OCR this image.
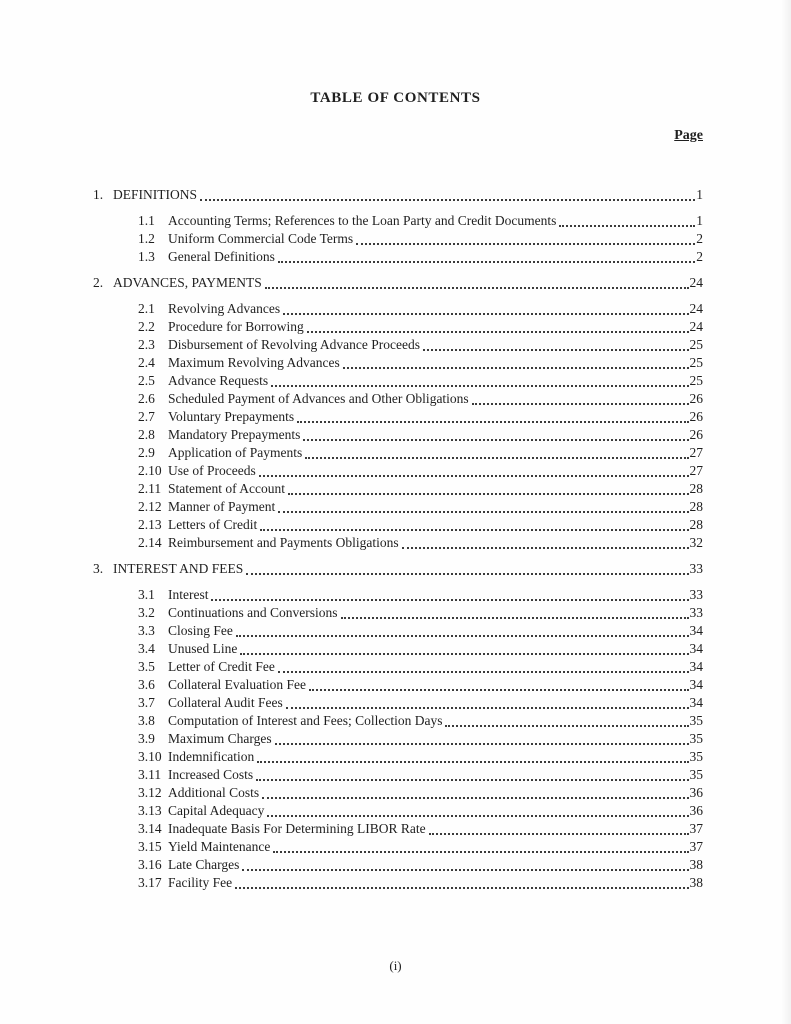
TABLE OF CONTENTS
Page
1. DEFINITIONS	1
1.1 Accounting Terms; References to the Loan Party and Credit Documents	1
1.2 Uniform Commercial Code Terms	2
1.3 General Definitions	2
2. ADVANCES, PAYMENTS	24
2.1 Revolving Advances	24
2.2 Procedure for Borrowing	24
2.3 Disbursement of Revolving Advance Proceeds	25
2.4 Maximum Revolving Advances	25
2.5 Advance Requests	25
2.6 Scheduled Payment of Advances and Other Obligations	26
2.7 Voluntary Prepayments	26
2.8 Mandatory Prepayments	26
2.9 Application of Payments	27
2.10 Use of Proceeds	27
2.11 Statement of Account	28
2.12 Manner of Payment	28
2.13 Letters of Credit	28
2.14 Reimbursement and Payments Obligations	32
3. INTEREST AND FEES	33
3.1 Interest	33
3.2 Continuations and Conversions	33
3.3 Closing Fee	34
3.4 Unused Line	34
3.5 Letter of Credit Fee	34
3.6 Collateral Evaluation Fee	34
3.7 Collateral Audit Fees	34
3.8 Computation of Interest and Fees; Collection Days	35
3.9 Maximum Charges	35
3.10 Indemnification	35
3.11 Increased Costs	35
3.12 Additional Costs	36
3.13 Capital Adequacy	36
3.14 Inadequate Basis For Determining LIBOR Rate	37
3.15 Yield Maintenance	37
3.16 Late Charges	38
3.17 Facility Fee	38
(i)
